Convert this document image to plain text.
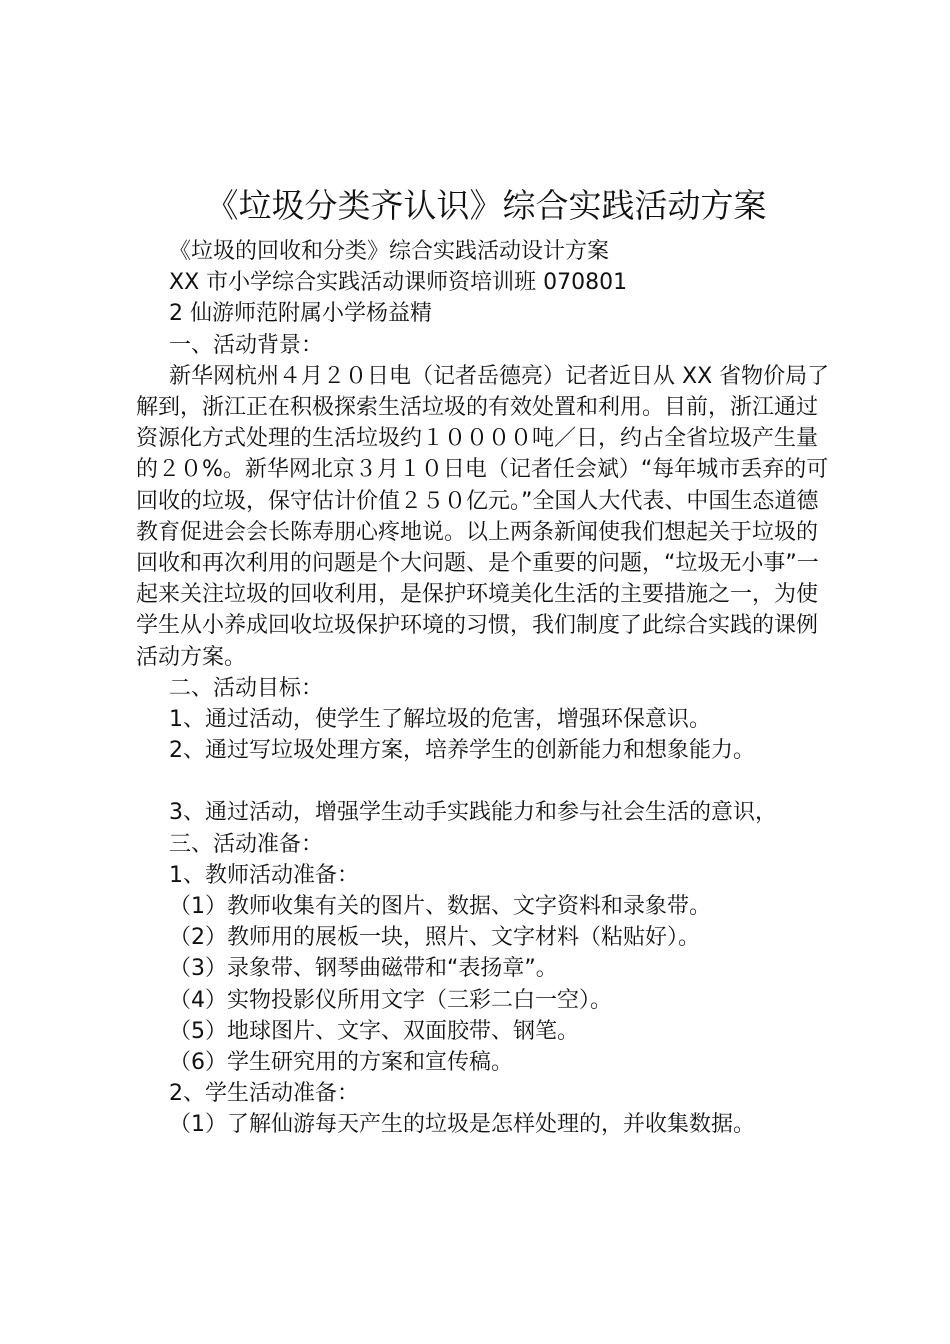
《垃圾分类齐认识》综合实践活动方案

《垃圾的回收和分类》综合实践活动设计方案

XX 市小学综合实践活动课师资培训班 070801

2 仙游师范附属小学杨益精

一、活动背景：

新华网杭州４月２０日电（记者岳德亮）记者近日从 XX 省物价局了解到，浙江正在积极探索生活垃圾的有效处置和利用。目前，浙江通过资源化方式处理的生活垃圾约１００００吨／日，约占全省垃圾产生量的２０%。新华网北京３月１０日电（记者任会斌）“每年城市丢弃的可回收的垃圾，保守估计价值２５０亿元。”全国人大代表、中国生态道德教育促进会会长陈寿朋心疼地说。以上两条新闻使我们想起关于垃圾的回收和再次利用的问题是个大问题、是个重要的问题，“垃圾无小事”一起来关注垃圾的回收利用，是保护环境美化生活的主要措施之一，为使学生从小养成回收垃圾保护环境的习惯，我们制度了此综合实践的课例活动方案。

二、活动目标：

1、通过活动，使学生了解垃圾的危害，增强环保意识。

2、通过写垃圾处理方案，培养学生的创新能力和想象能力。

3、通过活动，增强学生动手实践能力和参与社会生活的意识，

三、活动准备：

1、教师活动准备：

（1）教师收集有关的图片、数据、文字资料和录象带。

（2）教师用的展板一块，照片、文字材料（粘贴好）。

（3）录象带、钢琴曲磁带和“表扬章”。

（4）实物投影仪所用文字（三彩二白一空）。

（5）地球图片、文字、双面胶带、钢笔。

（6）学生研究用的方案和宣传稿。

2、学生活动准备：

（1）了解仙游每天产生的垃圾是怎样处理的，并收集数据。
